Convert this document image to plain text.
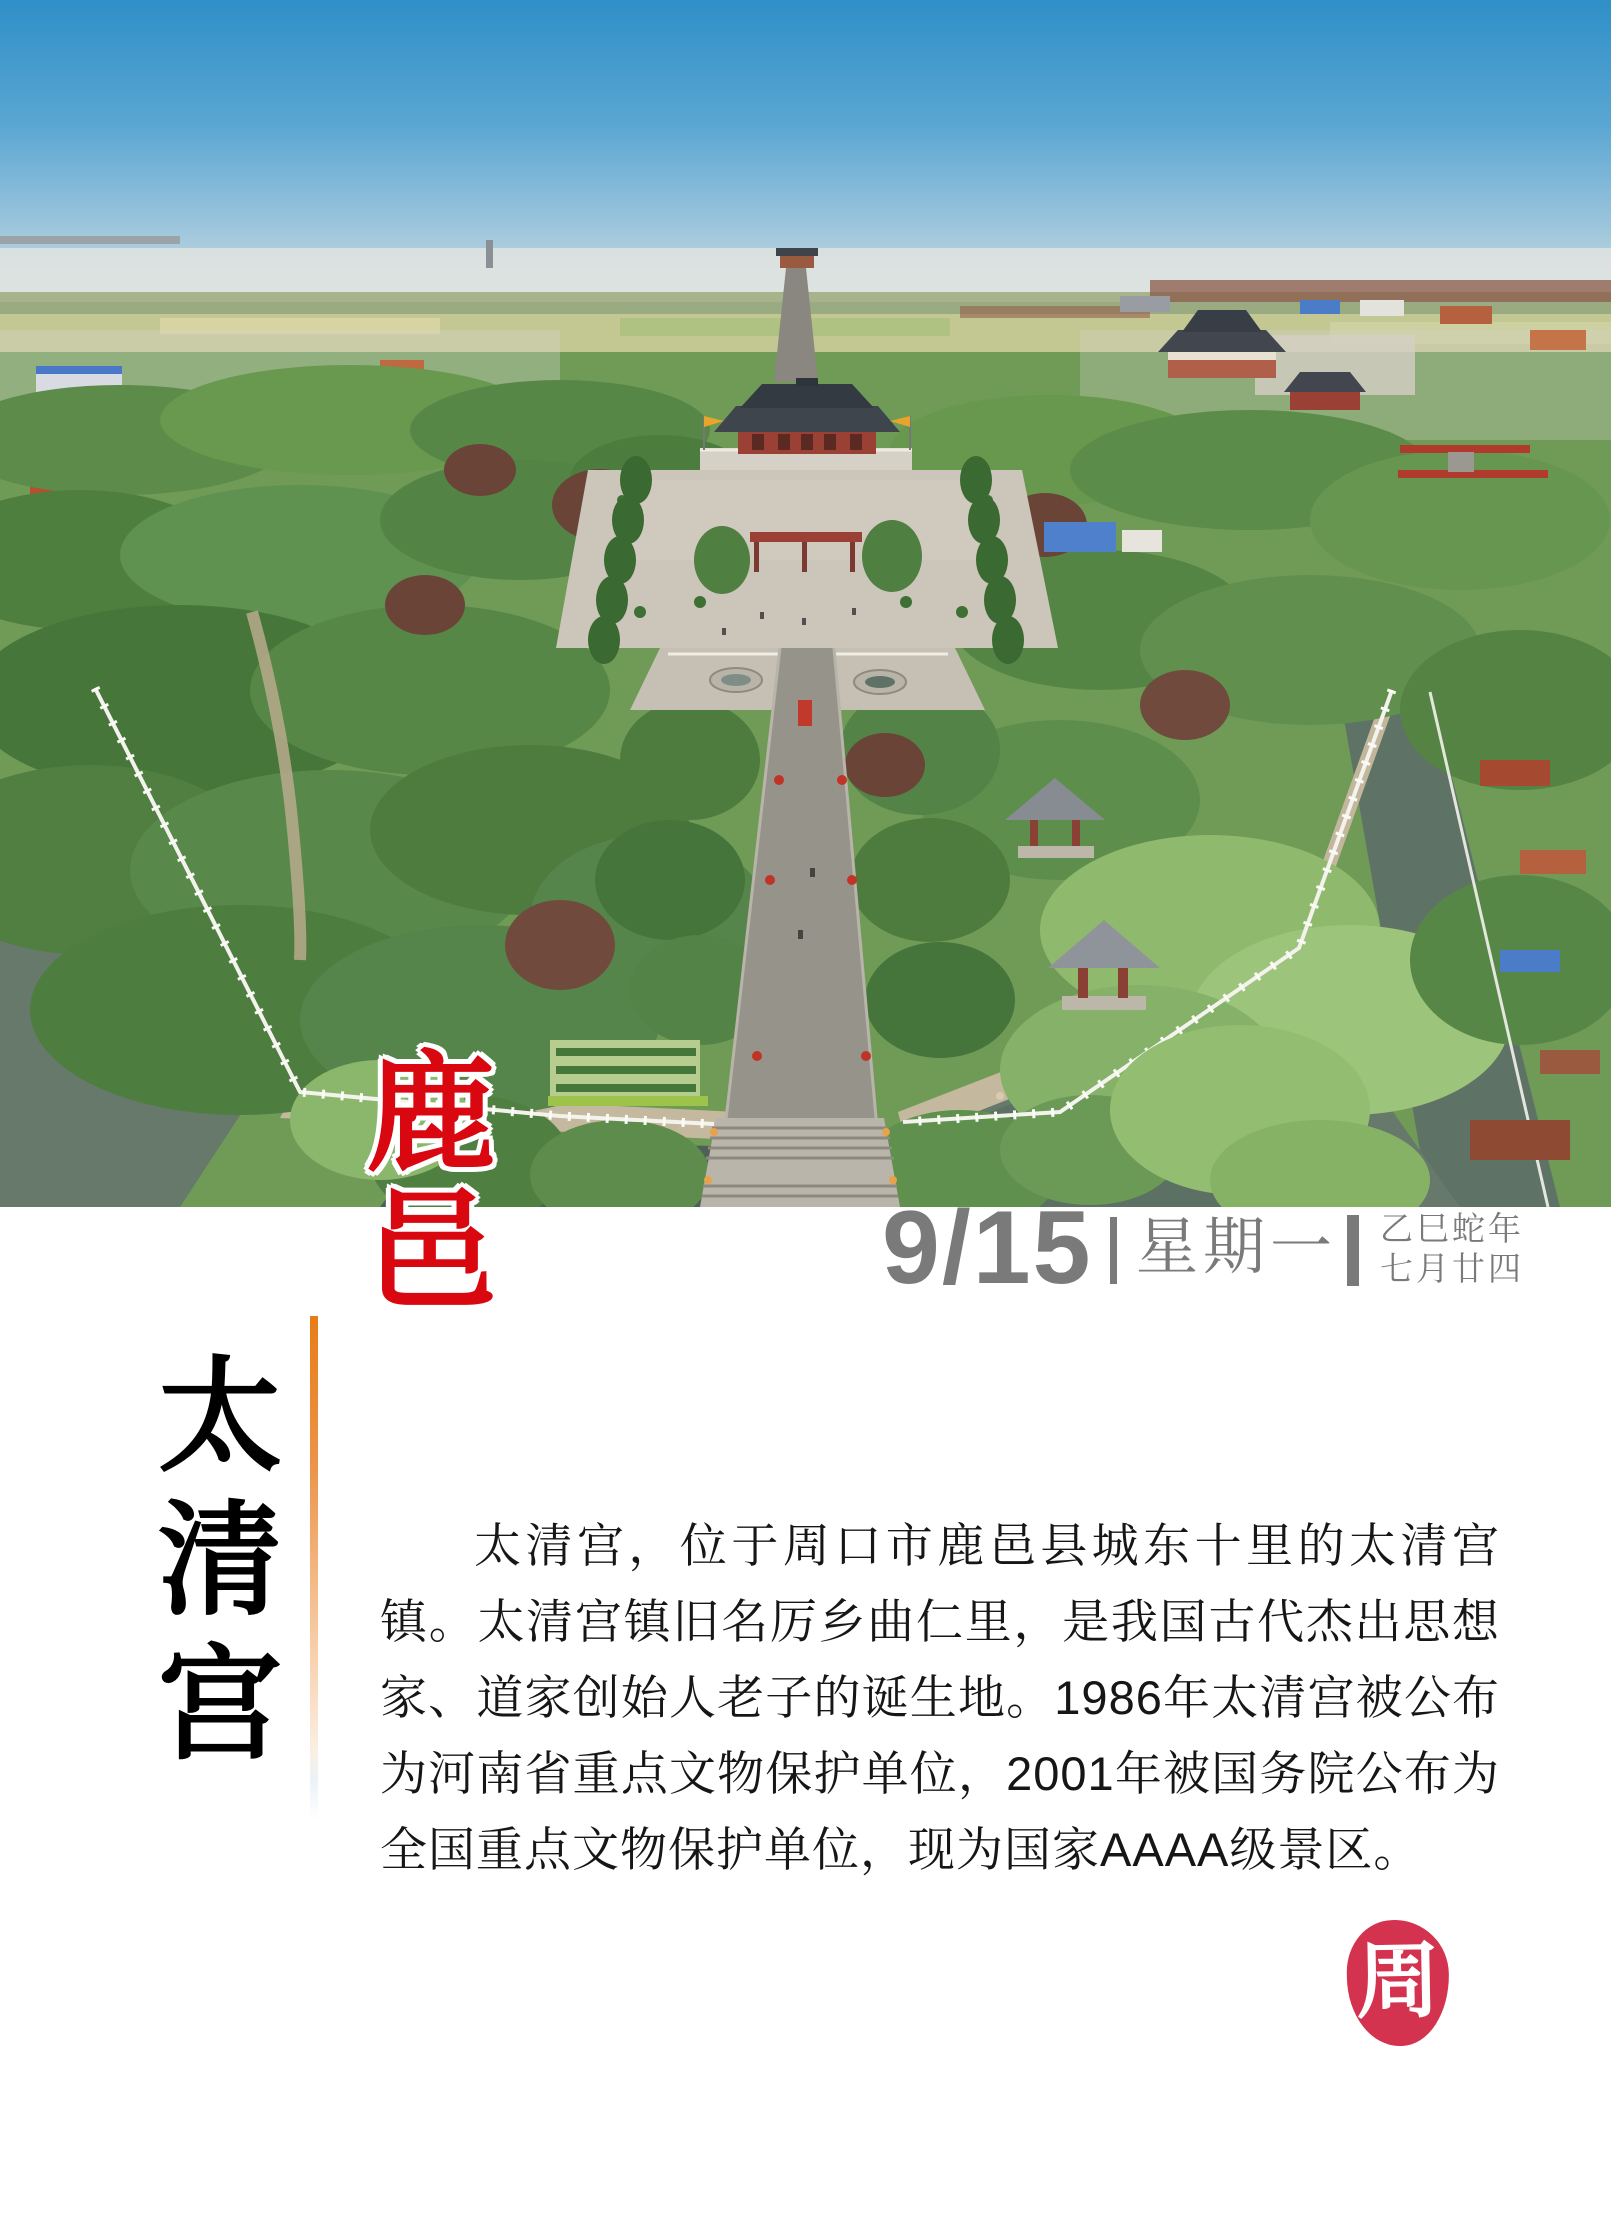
鹿
邑	9/15 星期一 乙巳蛇年
七月廿四
太清宫	太清宫，位于周口市鹿邑县城东十里的太清宫镇。太清宫镇旧名厉乡曲仁里，是我国古代杰出思想家、道家创始人老子的诞生地。1986年太清宫被公布为河南省重点文物保护单位，2001年被国务院公布为全国重点文物保护单位，现为国家AAAA级景区。
周
